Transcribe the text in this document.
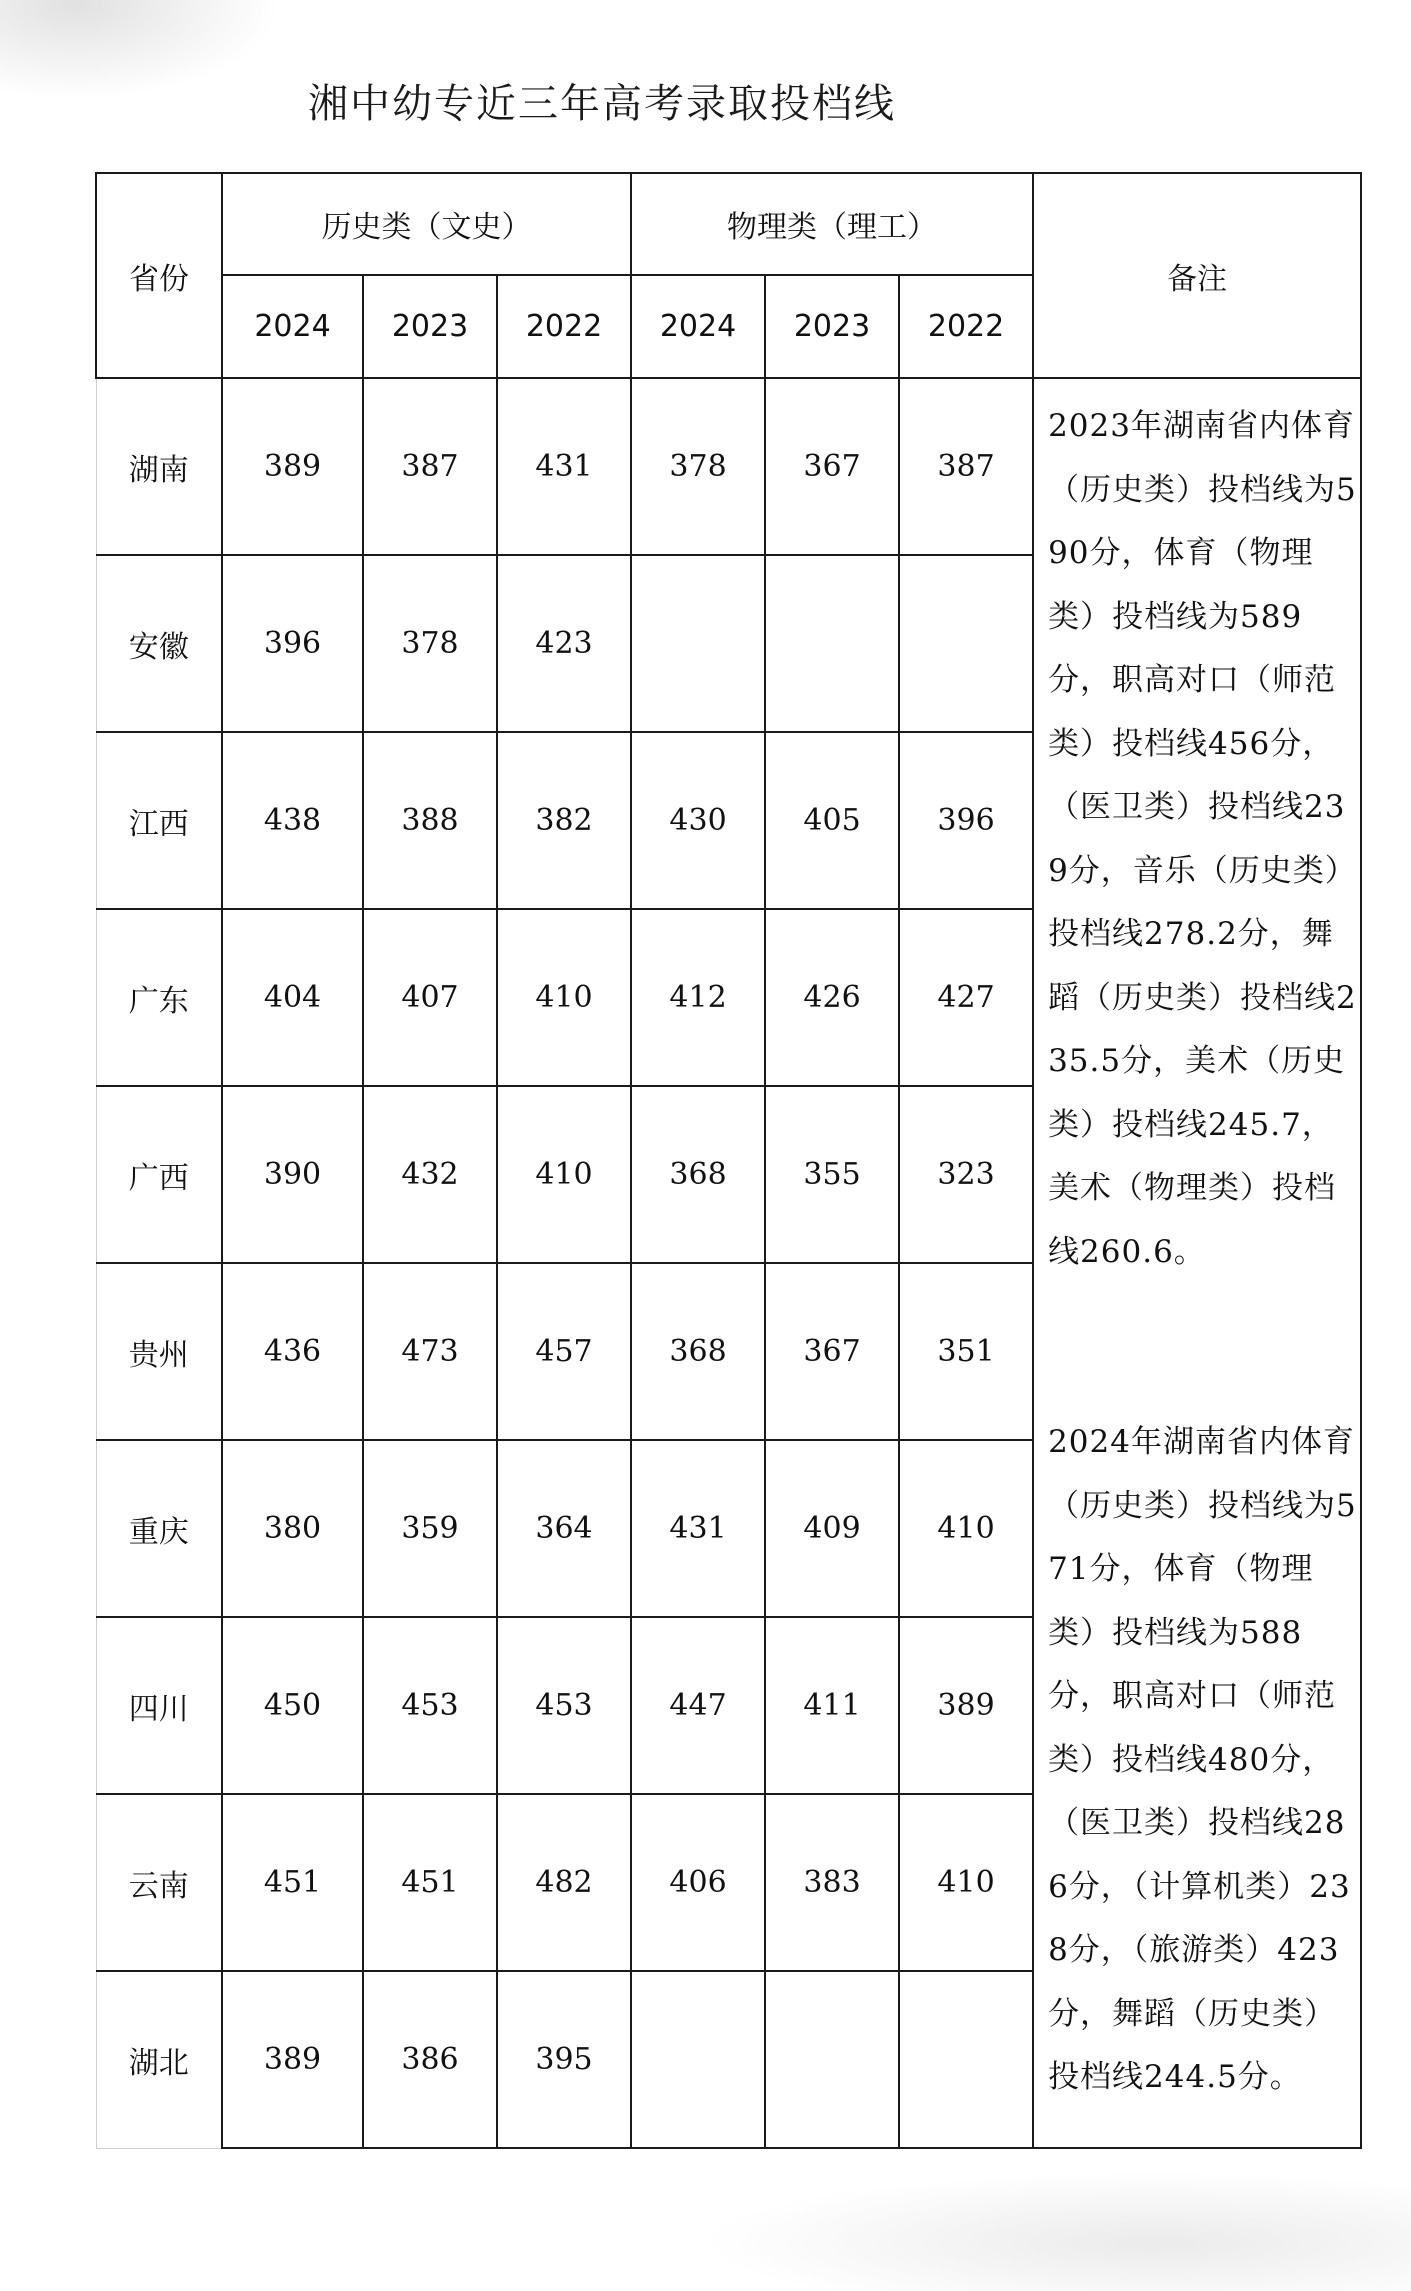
湘中幼专近三年高考录取投档线
省份	历史类（文史）			物理类（理工）			备注
	2024	2023	2022	2024	2023	2022	
湖南	389	387	431	378	367	387	2023年湖南省内体育（历史类）投档线为590分，体育（物理类）投档线为589分，职高对口（师范类）投档线456分，（医卫类）投档线239分，音乐（历史类）投档线278.2分，舞蹈（历史类）投档线235.5分，美术（历史类）投档线245.7，美术（物理类）投档线260.6。
2024年湖南省内体育（历史类）投档线为571分，体育（物理类）投档线为588分，职高对口（师范类）投档线480分，（医卫类）投档线286分，（计算机类）238分，（旅游类）423分，舞蹈（历史类）投档线244.5分。
安徽	396	378	423				
江西	438	388	382	430	405	396	
广东	404	407	410	412	426	427	
广西	390	432	410	368	355	323	
贵州	436	473	457	368	367	351	
重庆	380	359	364	431	409	410	
四川	450	453	453	447	411	389	
云南	451	451	482	406	383	410	
湖北	389	386	395				
